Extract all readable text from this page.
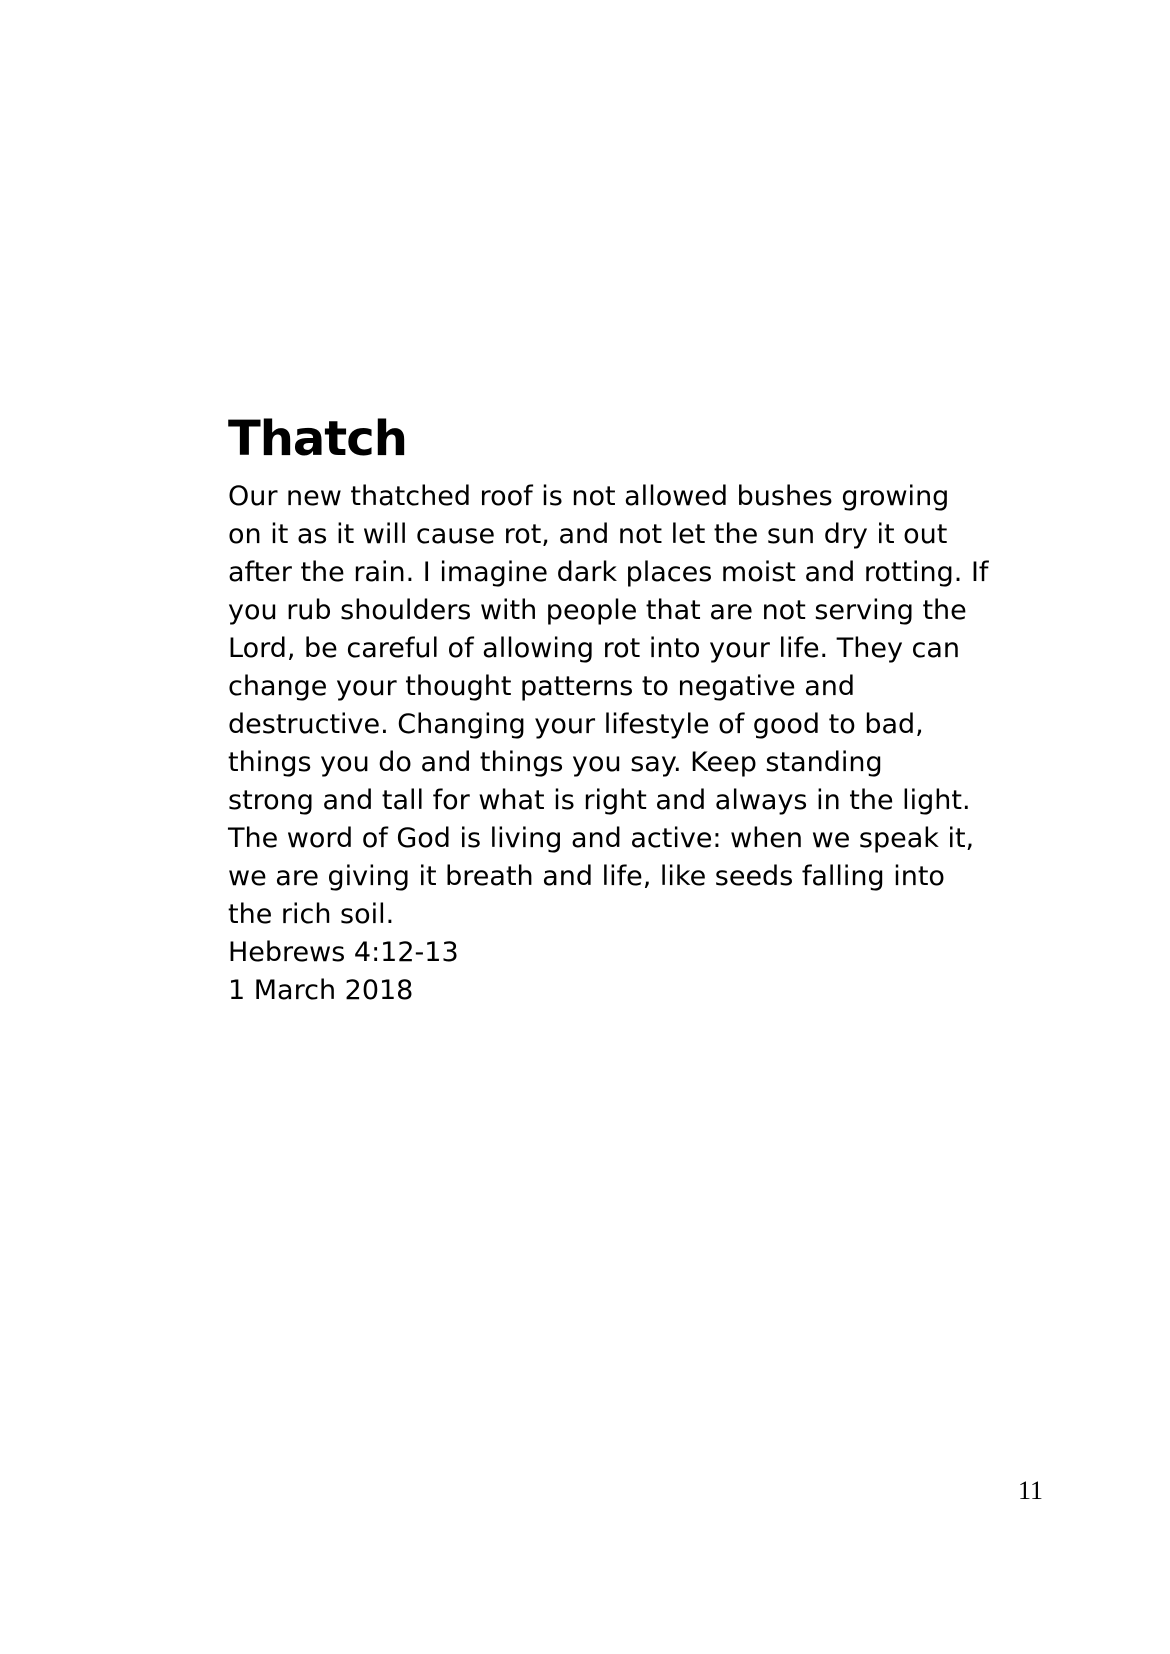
Thatch
Our new thatched roof is not allowed bushes growing
on it as it will cause rot, and not let the sun dry it out
after the rain. I imagine dark places moist and rotting. If
you rub shoulders with people that are not serving the
Lord, be careful of allowing rot into your life. They can
change your thought patterns to negative and
destructive. Changing your lifestyle of good to bad,
things you do and things you say. Keep standing
strong and tall for what is right and always in the light.
The word of God is living and active: when we speak it,
we are giving it breath and life, like seeds falling into
the rich soil.
Hebrews 4:12-13
1 March 2018
11
